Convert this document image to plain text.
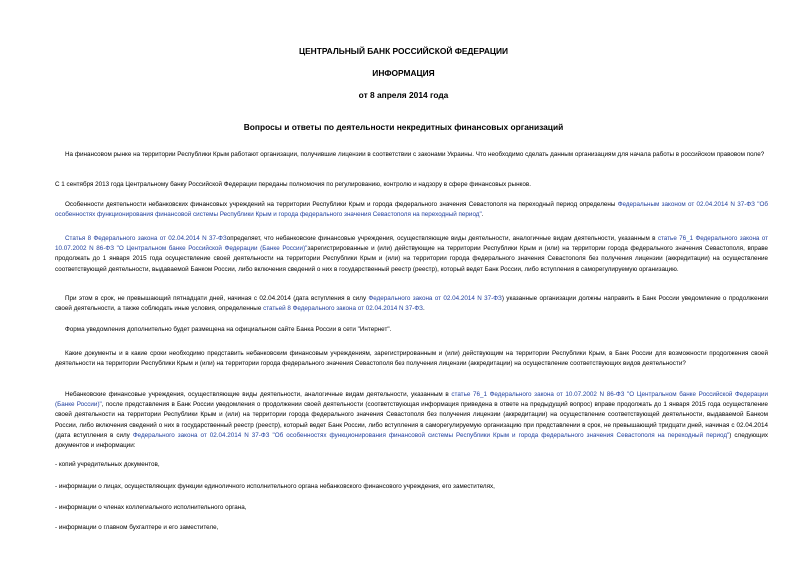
ЦЕНТРАЛЬНЫЙ БАНК РОССИЙСКОЙ ФЕДЕРАЦИИ
ИНФОРМАЦИЯ
от 8 апреля 2014 года
Вопросы и ответы по деятельности некредитных финансовых организаций

На финансовом рынке на территории Республики Крым работают организации, получившие лицензии в соответствии с законами Украины. Что необходимо сделать данным организациям для начала работы в российском правовом поле?

С 1 сентября 2013 года Центральному банку Российской Федерации переданы полномочия по регулированию, контролю и надзору в сфере финансовых рынков.

Особенности деятельности небанковских финансовых учреждений на территории Республики Крым и города федерального значения Севастополя на переходный период определены Федеральным законом от 02.04.2014 N 37-ФЗ "Об особенностях функционирования финансовой системы Республики Крым и города федерального значения Севастополя на переходный период".

Статья 8 Федерального закона от 02.04.2014 N 37-ФЗопределяет, что небанковские финансовые учреждения, осуществляющие виды деятельности, аналогичные видам деятельности, указанным в статье 76_1 Федерального закона от 10.07.2002 N 86-ФЗ "О Центральном банке Российской Федерации (Банке России)"зарегистрированные и (или) действующие на территории Республики Крым и (или) на территории города федерального значения Севастополя, вправе продолжать до 1 января 2015 года осуществление своей деятельности на территории Республики Крым и (или) на территории города федерального значения Севастополя без получения лицензии (аккредитации) на осуществление соответствующей деятельности, выдаваемой Банком России, либо включения сведений о них в государственный реестр (реестр), который ведет Банк России, либо вступления в саморегулируемую организацию.

При этом в срок, не превышающий пятнадцати дней, начиная с 02.04.2014 (дата вступления в силу Федерального закона от 02.04.2014 N 37-ФЗ) указанные организации должны направить в Банк России уведомление о продолжении своей деятельности, а также соблюдать иные условия, определенные статьей 8 Федерального закона от 02.04.2014 N 37-ФЗ.

Форма уведомления дополнительно будет размещена на официальном сайте Банка России в сети "Интернет".

Какие документы и в какие сроки необходимо представить небанковским финансовым учреждениям, зарегистрированным и (или) действующим на территории Республики Крым, в Банк России для возможности продолжения своей деятельности на территории Республики Крым и (или) на территории города федерального значения Севастополя без получения лицензии (аккредитации) на осуществление соответствующих видов деятельности?

Небанковские финансовые учреждения, осуществляющие виды деятельности, аналогичные видам деятельности, указанным в статье 76_1 Федерального закона от 10.07.2002 N 86-ФЗ "О Центральном банке Российской Федерации (Банке России)", после представления в Банк России уведомления о продолжении своей деятельности (соответствующая информация приведена в ответе на предыдущий вопрос) вправе продолжать до 1 января 2015 года осуществление своей деятельности на территории Республики Крым и (или) на территории города федерального значения Севастополя без получения лицензии (аккредитации) на осуществление соответствующей деятельности, выдаваемой Банком России, либо включения сведений о них в государственный реестр (реестр), который ведет Банк России, либо вступления в саморегулируемую организацию при представлении в срок, не превышающий тридцати дней, начиная с 02.04.2014 (дата вступления в силу Федерального закона от 02.04.2014 N 37-ФЗ "Об особенностях функционирования финансовой системы Республики Крым и города федерального значения Севастополя на переходный период") следующих документов и информации:

- копий учредительных документов,
- информации о лицах, осуществляющих функции единоличного исполнительного органа небанковского финансового учреждения, его заместителях,
- информации о членах коллегиального исполнительного органа,
- информации о главном бухгалтере и его заместителе,
